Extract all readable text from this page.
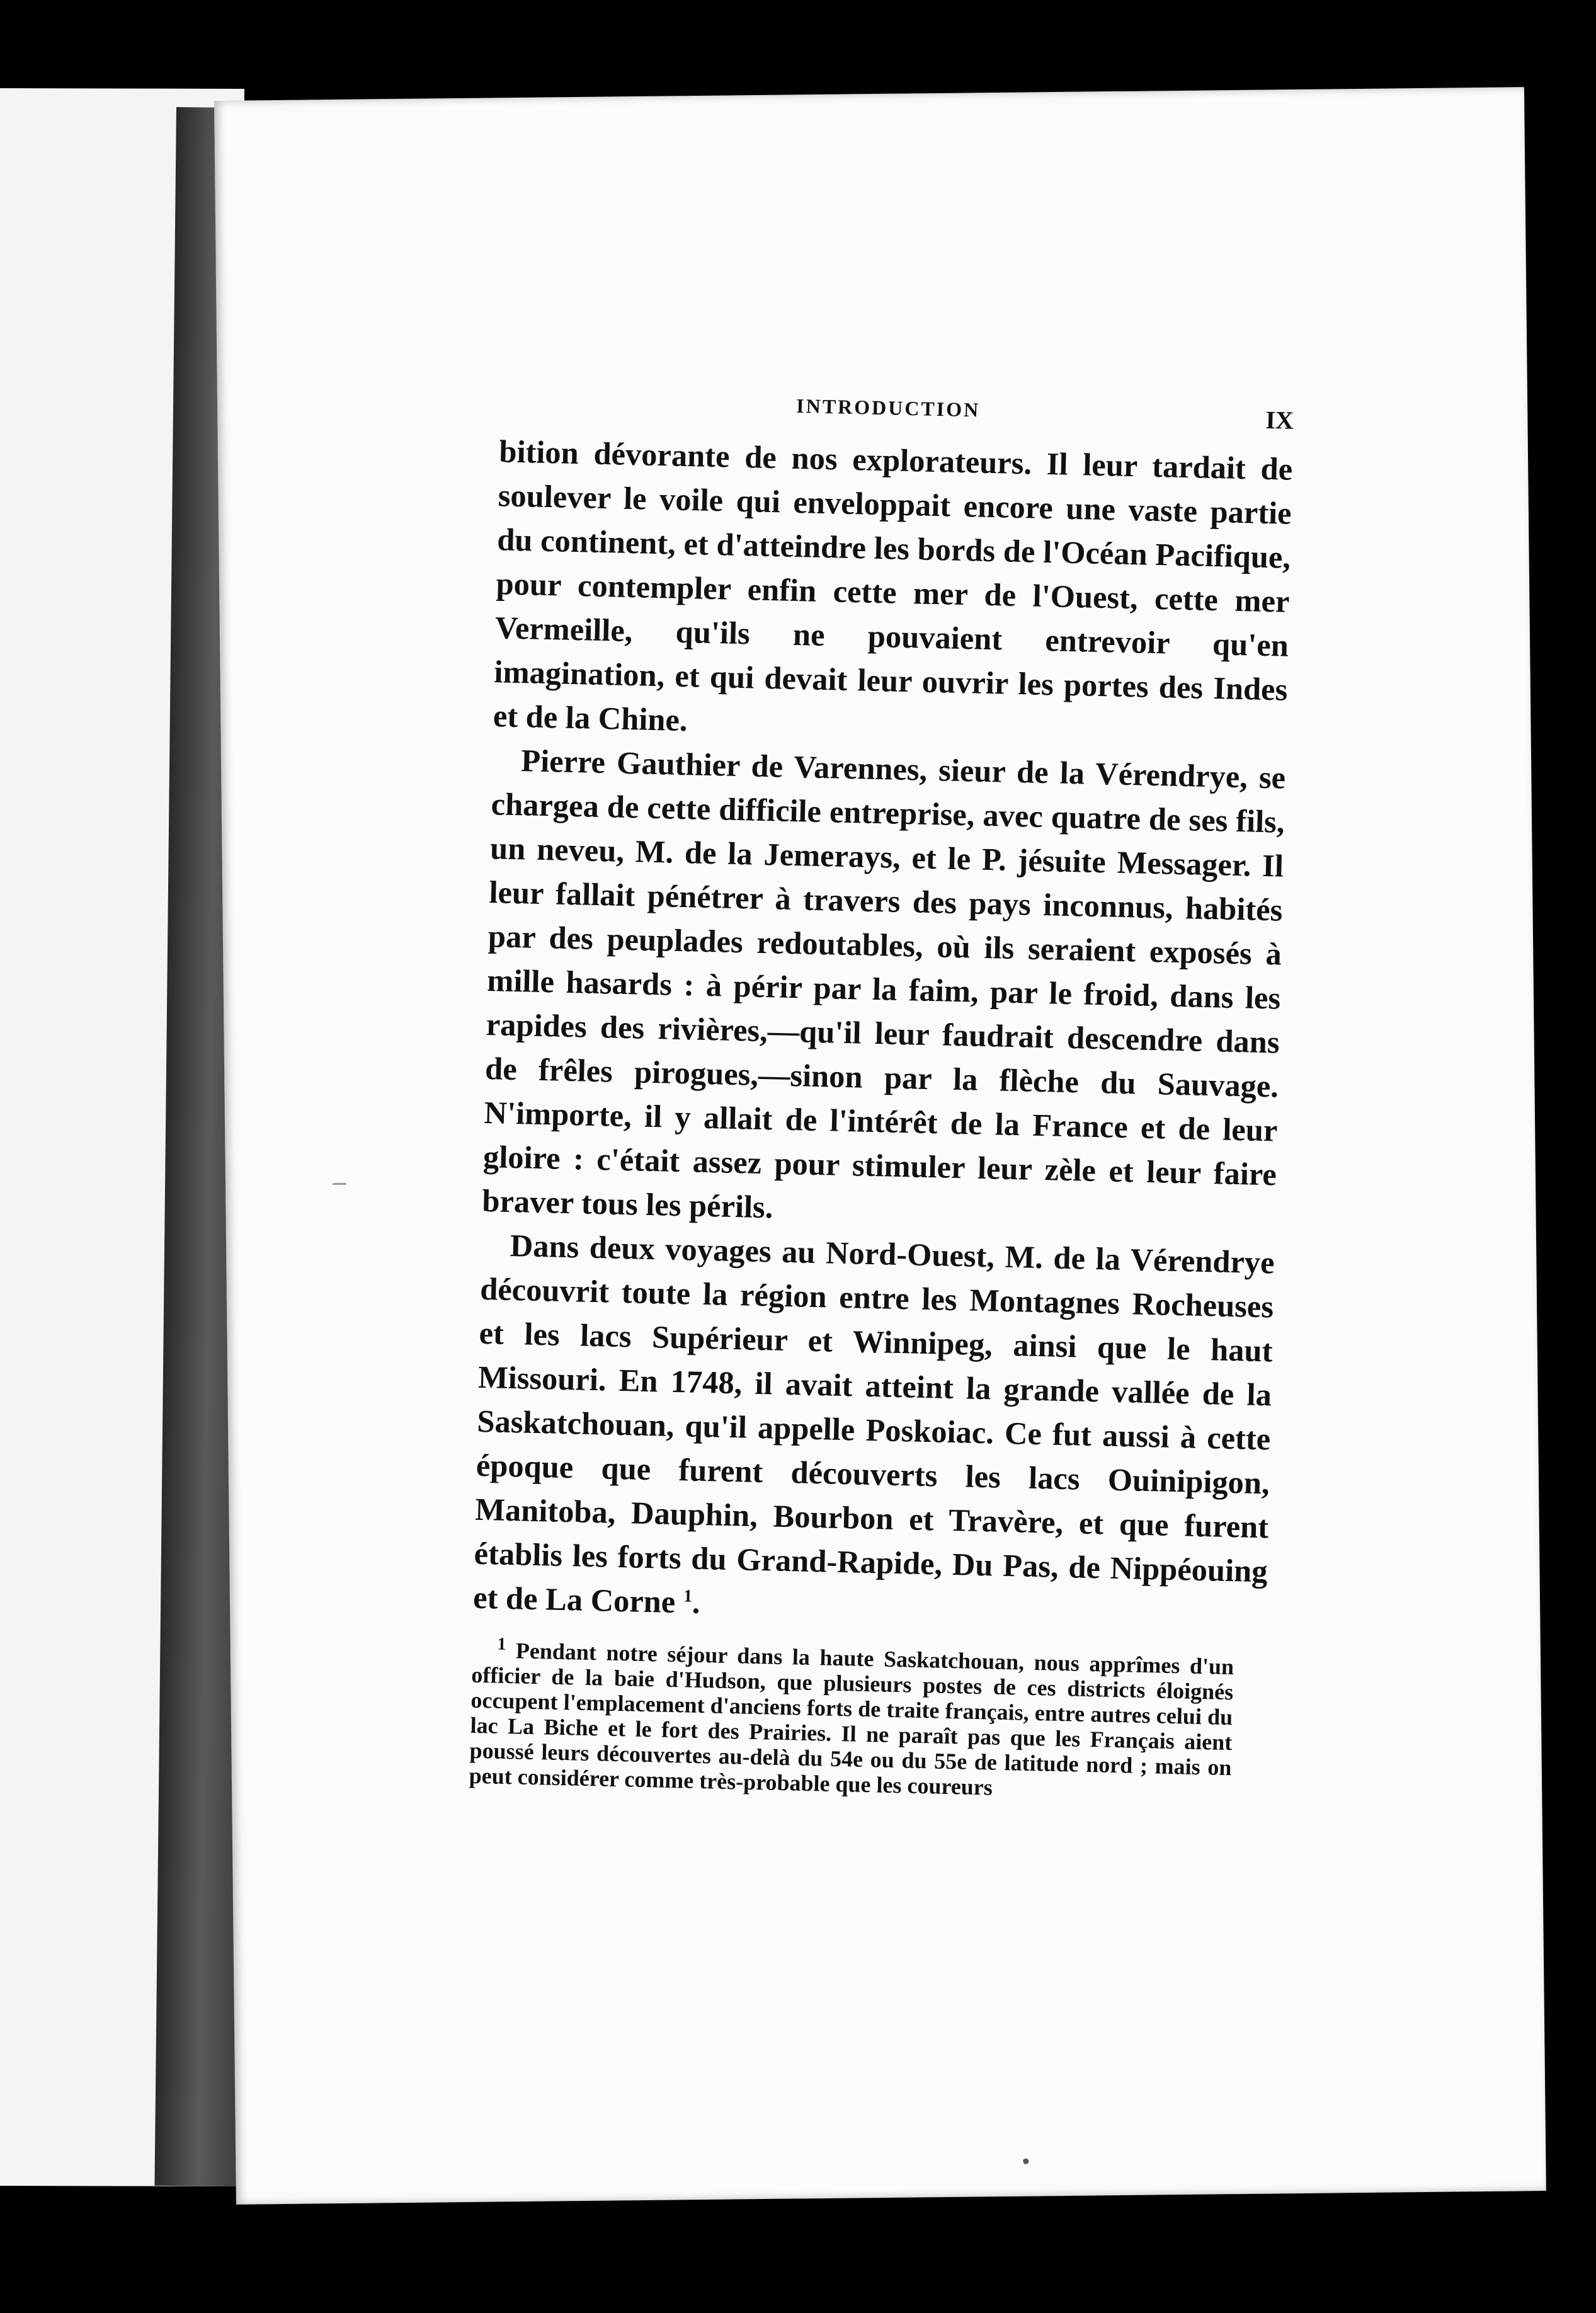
INTRODUCTION	IX

bition dévorante de nos explorateurs. Il leur tardait de soulever le voile qui enveloppait encore une vaste partie du continent, et d'atteindre les bords de l'Océan Pacifique, pour contempler enfin cette mer de l'Ouest, cette mer Vermeille, qu'ils ne pouvaient entrevoir qu'en imagination, et qui devait leur ouvrir les portes des Indes et de la Chine.

Pierre Gauthier de Varennes, sieur de la Vérendrye, se chargea de cette difficile entreprise, avec quatre de ses fils, un neveu, M. de la Jemerays, et le P. jésuite Messager. Il leur fallait pénétrer à travers des pays inconnus, habités par des peuplades redoutables, où ils seraient exposés à mille hasards : à périr par la faim, par le froid, dans les rapides des rivières,—qu'il leur faudrait descendre dans de frêles pirogues,—sinon par la flèche du Sauvage. N'importe, il y allait de l'intérêt de la France et de leur gloire : c'était assez pour stimuler leur zèle et leur faire braver tous les périls.

Dans deux voyages au Nord-Ouest, M. de la Vérendrye découvrit toute la région entre les Montagnes Rocheuses et les lacs Supérieur et Winnipeg, ainsi que le haut Missouri. En 1748, il avait atteint la grande vallée de la Saskatchouan, qu'il appelle Poskoiac. Ce fut aussi à cette époque que furent découverts les lacs Ouinipigon, Manitoba, Dauphin, Bourbon et Travère, et que furent établis les forts du Grand-Rapide, Du Pas, de Nippéouing et de La Corne $^1$.

$^1$ Pendant notre séjour dans la haute Saskatchouan, nous apprîmes d'un officier de la baie d'Hudson, que plusieurs postes de ces districts éloignés occupent l'emplacement d'anciens forts de traite français, entre autres celui du lac La Biche et le fort des Prairies. Il ne paraît pas que les Français aient poussé leurs découvertes au-delà du 54e ou du 55e de latitude nord ; mais on peut considérer comme très-probable que les coureurs
